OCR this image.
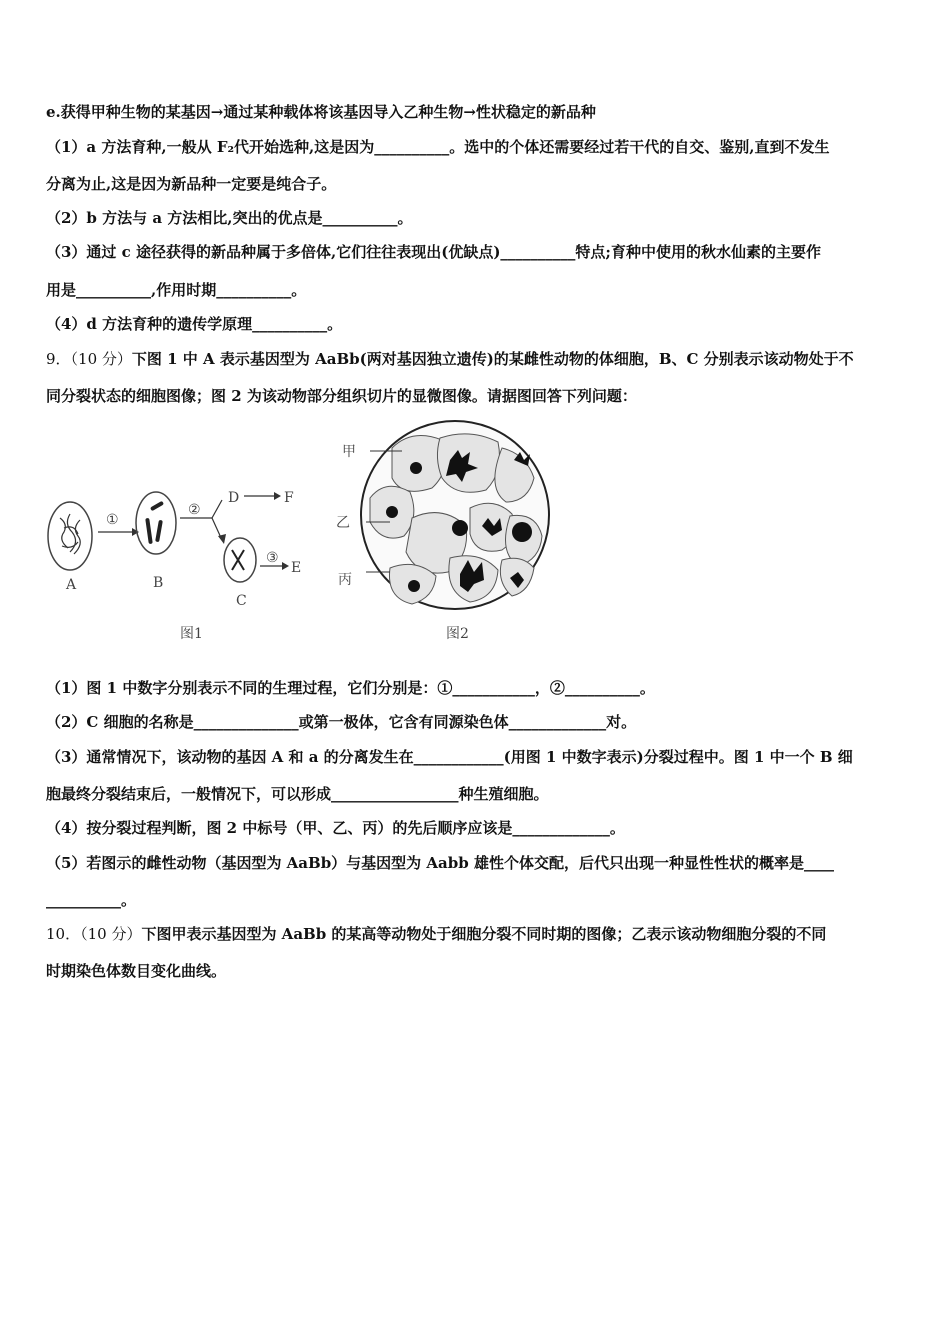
e.获得甲种生物的某基因→通过某种载体将该基因导入乙种生物→性状稳定的新品种
（1）a 方法育种,一般从 F₂代开始选种,这是因为__________。选中的个体还需要经过若干代的自交、鉴别,直到不发生
分离为止,这是因为新品种一定要是纯合子。
（2）b 方法与 a 方法相比,突出的优点是__________。
（3）通过 c 途径获得的新品种属于多倍体,它们往往表现出(优缺点)__________特点;育种中使用的秋水仙素的主要作
用是__________,作用时期__________。
（4）d 方法育种的遗传学原理__________。
9．（10 分）下图 1 中 A 表示基因型为 AaBb(两对基因独立遗传)的某雌性动物的体细胞，B、C 分别表示该动物处于不
同分裂状态的细胞图像；图 2 为该动物部分组织切片的显微图像。请据图回答下列问题：
A
①
B
②
D	F
C
③
E
图1
甲
乙
丙
图2
（1）图 1 中数字分别表示不同的生理过程，它们分别是：①___________，②__________。
（2）C 细胞的名称是______________或第一极体，它含有同源染色体_____________对。
（3）通常情况下，该动物的基因 A 和 a 的分离发生在____________(用图 1 中数字表示)分裂过程中。图 1 中一个 B 细
胞最终分裂结束后，一般情况下，可以形成_________________种生殖细胞。
（4）按分裂过程判断，图 2 中标号（甲、乙、丙）的先后顺序应该是_____________。
（5）若图示的雌性动物（基因型为 AaBb）与基因型为 Aabb 雄性个体交配，后代只出现一种显性性状的概率是____
__________。
10．（10 分）下图甲表示基因型为 AaBb 的某高等动物处于细胞分裂不同时期的图像；乙表示该动物细胞分裂的不同
时期染色体数目变化曲线。
